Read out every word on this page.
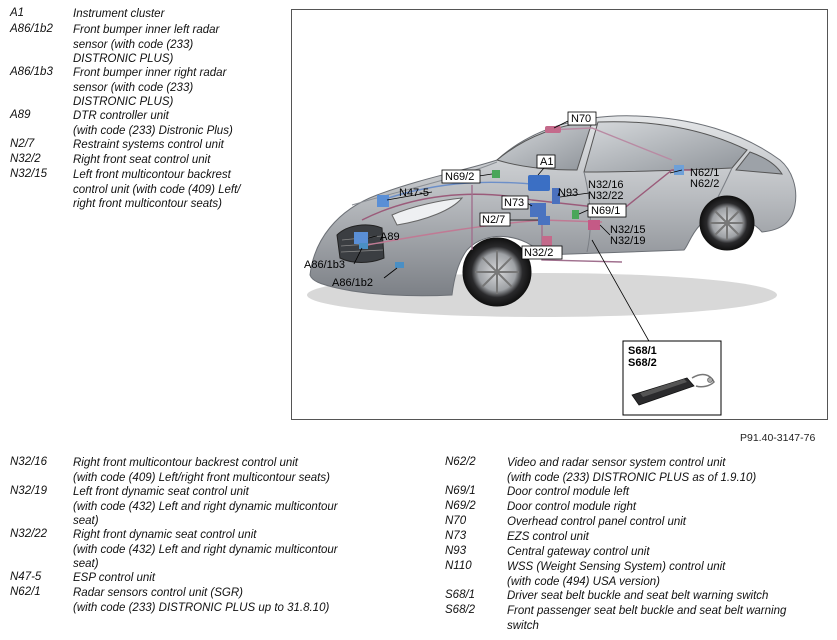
A1	Instrument cluster
A86/1b2 Front bumper inner left radar
sensor (with code (233)
DISTRONIC PLUS)
A86/1b3 Front bumper inner right radar
sensor (with code (233)
DISTRONIC PLUS)
A89	DTR controller unit
(with code (233) Distronic Plus)
N2/7	Restraint systems control unit
N32/2	Right front seat control unit
N32/15 Left front multicontour backrest
control unit (with code (409) Left/
right front multicontour seats)
N70
A1
N69/2
N93
N32/16
N32/22
N62/1
N62/2
N47-5
N73
N69/1
N2/7
N32/15
N32/19
A89
N32/2
A86/1b3
A86/1b2
S68/1
S68/2
P91.40-3147-76
N32/16 Right front multicontour backrest control unit
(with code (409) Left/right front multicontour seats)
N32/19 Left front dynamic seat control unit
(with code (432) Left and right dynamic multicontour
seat)
N32/22 Right front dynamic seat control unit
(with code (432) Left and right dynamic multicontour
seat)
N47-5	ESP control unit
N62/1	Radar sensors control unit (SGR)
(with code (233) DISTRONIC PLUS up to 31.8.10)
N62/2	Video and radar sensor system control unit
(with code (233) DISTRONIC PLUS as of 1.9.10)
N69/1	Door control module left
N69/2	Door control module right
N70	Overhead control panel control unit
N73	EZS control unit
N93	Central gateway control unit
N110	WSS (Weight Sensing System) control unit
(with code (494) USA version)
S68/1	Driver seat belt buckle and seat belt warning switch
S68/2	Front passenger seat belt buckle and seat belt warning
switch
